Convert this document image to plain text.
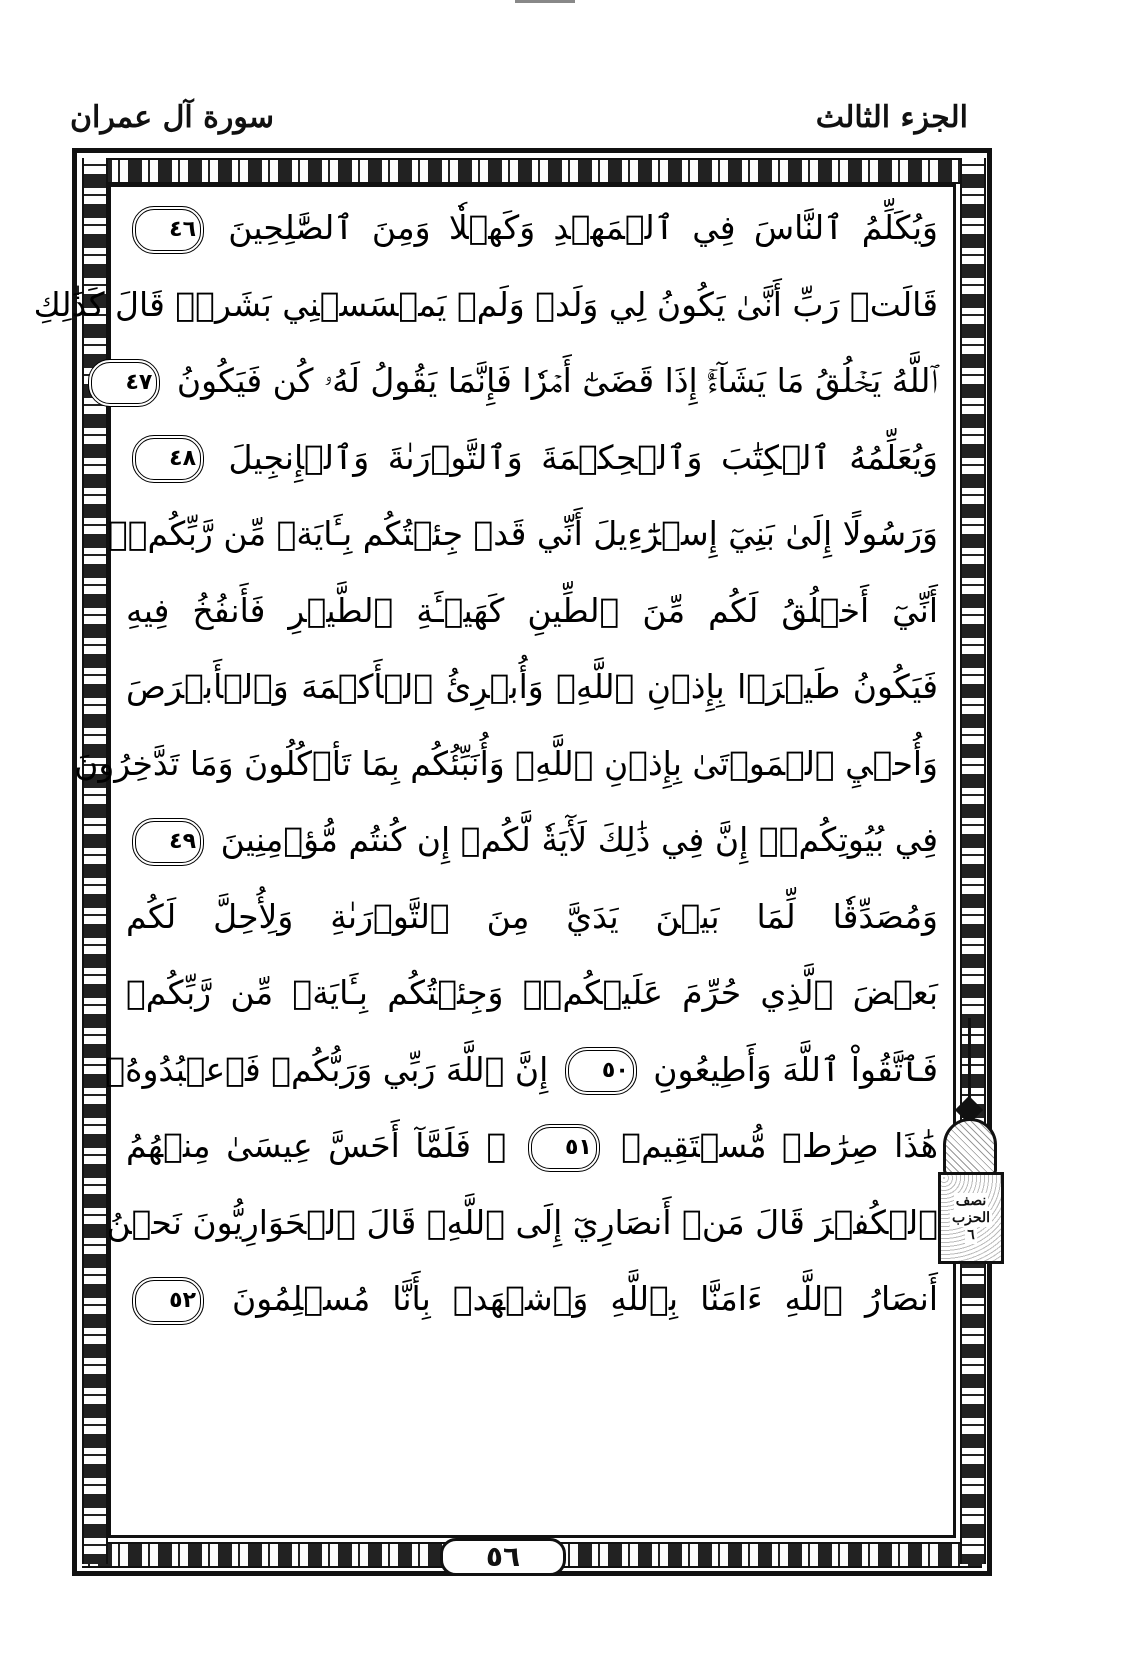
الجزء الثالث
سورة آل عمران
وَيُكَلِّمُ ٱلنَّاسَ فِي ٱلۡمَهۡدِ وَكَهۡلٗا وَمِنَ ٱلصَّٰلِحِينَ ٤٦
قَالَتۡ رَبِّ أَنَّىٰ يَكُونُ لِي وَلَدٞ وَلَمۡ يَمۡسَسۡنِي بَشَرٞۖ قَالَ كَذَٰلِكِ
ٱللَّهُ يَخۡلُقُ مَا يَشَآءُۚ إِذَا قَضَىٰٓ أَمۡرٗا فَإِنَّمَا يَقُولُ لَهُۥ كُن فَيَكُونُ ٤٧
وَيُعَلِّمُهُ ٱلۡكِتَٰبَ وَٱلۡحِكۡمَةَ وَٱلتَّوۡرَىٰةَ وَٱلۡإِنجِيلَ ٤٨
وَرَسُولًا إِلَىٰ بَنِيٓ إِسۡرَٰٓءِيلَ أَنِّي قَدۡ جِئۡتُكُم بِـَٔايَةٖ مِّن رَّبِّكُمۡۖ
أَنِّيٓ أَخۡلُقُ لَكُم مِّنَ ٱلطِّينِ كَهَيۡـَٔةِ ٱلطَّيۡرِ فَأَنفُخُ فِيهِ
فَيَكُونُ طَيۡرَۢا بِإِذۡنِ ٱللَّهِۖ وَأُبۡرِئُ ٱلۡأَكۡمَهَ وَٱلۡأَبۡرَصَ
وَأُحۡيِ ٱلۡمَوۡتَىٰ بِإِذۡنِ ٱللَّهِۖ وَأُنَبِّئُكُم بِمَا تَأۡكُلُونَ وَمَا تَدَّخِرُونَ
فِي بُيُوتِكُمۡۚ إِنَّ فِي ذَٰلِكَ لَأٓيَةٗ لَّكُمۡ إِن كُنتُم مُّؤۡمِنِينَ ٤٩
وَمُصَدِّقٗا لِّمَا بَيۡنَ يَدَيَّ مِنَ ٱلتَّوۡرَىٰةِ وَلِأُحِلَّ لَكُم
بَعۡضَ ٱلَّذِي حُرِّمَ عَلَيۡكُمۡۚ وَجِئۡتُكُم بِـَٔايَةٖ مِّن رَّبِّكُمۡ
فَٱتَّقُواْ ٱللَّهَ وَأَطِيعُونِ ٥٠ إِنَّ ٱللَّهَ رَبِّي وَرَبُّكُمۡ فَٱعۡبُدُوهُۚ
هَٰذَا صِرَٰطٞ مُّسۡتَقِيمٞ ٥١ ۞ فَلَمَّآ أَحَسَّ عِيسَىٰ مِنۡهُمُ
ٱلۡكُفۡرَ قَالَ مَنۡ أَنصَارِيٓ إِلَى ٱللَّهِۖ قَالَ ٱلۡحَوَارِيُّونَ نَحۡنُ
أَنصَارُ ٱللَّهِ ءَامَنَّا بِٱللَّهِ وَٱشۡهَدۡ بِأَنَّا مُسۡلِمُونَ ٥٢
٥٦
نصف
الحزب
٦
